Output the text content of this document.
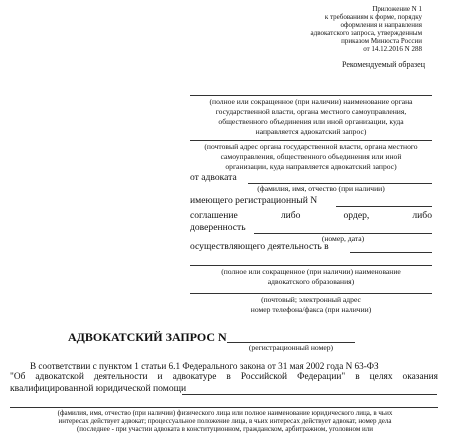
Приложение N 1
к требованиям к форме, порядку
оформления и направления
адвокатского запроса, утвержденным
приказом Минюста России
от 14.12.2016 N 288
Рекомендуемый образец
(полное или сокращенное (при наличии) наименование органа
государственной власти, органа местного самоуправления,
общественного объединения или иной организации, куда
направляется адвокатский запрос)
(почтовый адрес органа государственной власти, органа местного
самоуправления, общественного объединения или иной
организации, куда направляется адвокатский запрос)
от адвоката
(фамилия, имя, отчество (при наличии)
имеющего регистрационный N
соглашение	либо	ордер,	либо
доверенность
(номер, дата)
осуществляющего деятельность в
(полное или сокращенное (при наличии) наименование
адвокатского образования)
(почтовый; электронный адрес
номер телефона/факса (при наличии)
АДВОКАТСКИЙ ЗАПРОС N
(регистрационный номер)
В соответствии с пунктом 1 статьи 6.1 Федерального закона от 31 мая 2002 года N 63-ФЗ
"Об адвокатской деятельности и адвокатуре в Российской Федерации" в целях оказания
квалифицированной юридической помощи
(фамилия, имя, отчество (при наличии) физического лица или полное наименование юридического лица, в чьих
интересах действует адвокат; процессуальное положение лица, в чьих интересах действует адвокат, номер дела
(последнее - при участии адвоката в конституционном, гражданском, арбитражном, уголовном или
